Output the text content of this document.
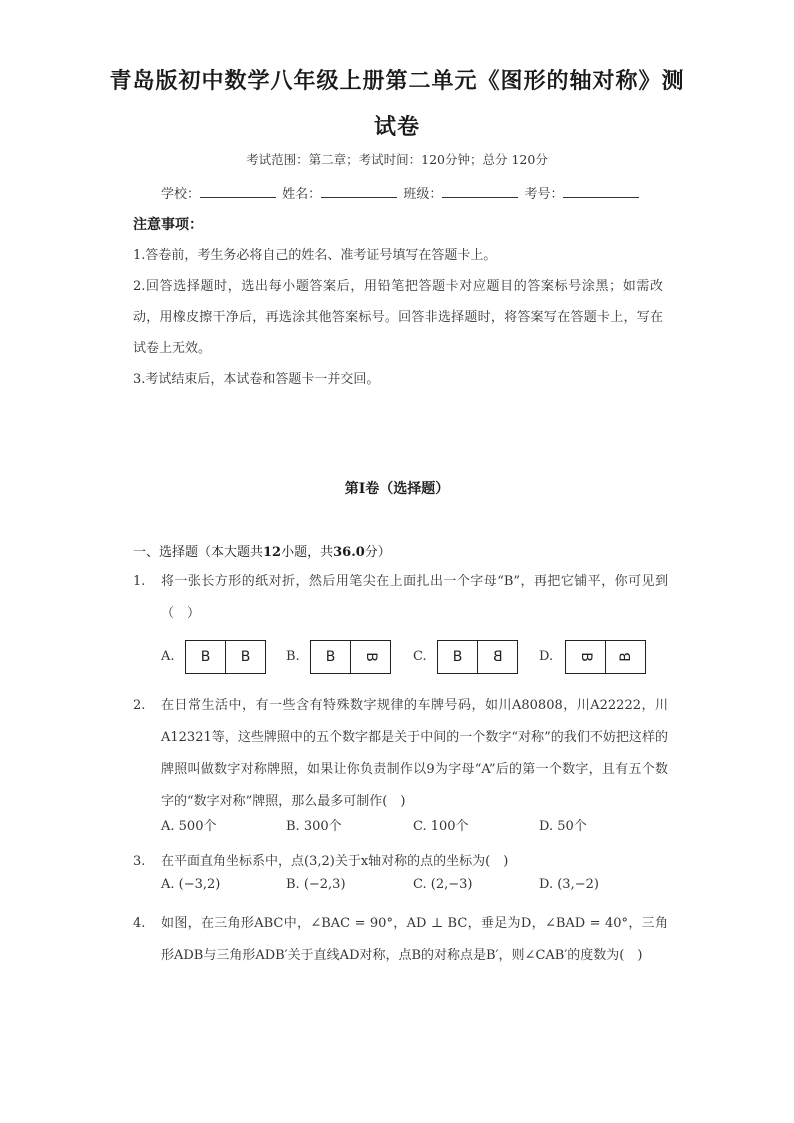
青岛版初中数学八年级上册第二单元《图形的轴对称》测
试卷
考试范围：第二章；考试时间：120分钟；总分 120分
学校：	姓名：	班级：	考号：
注意事项：
1.答卷前，考生务必将自己的姓名、准考证号填写在答题卡上。
2.回答选择题时，选出每小题答案后，用铅笔把答题卡对应题目的答案标号涂黑；如需改动，用橡皮擦干净后，再选涂其他答案标号。回答非选择题时，将答案写在答题卡上，写在试卷上无效。
3.考试结束后，本试卷和答题卡一并交回。
第Ⅰ卷（选择题）
一、选择题（本大题共12小题，共36.0分）
1.	将一张长方形的纸对折，然后用笔尖在上面扎出一个字母“B”，再把它铺平，你可见到（　）
A.	B	B	B.	B	B	C.	B	B	D.	B	B
2.	在日常生活中，有一些含有特殊数字规律的车牌号码，如川A80808，川A22222，川A12321等，这些牌照中的五个数字都是关于中间的一个数字“对称”的我们不妨把这样的牌照叫做数字对称牌照，如果让你负责制作以9为字母“A”后的第一个数字，且有五个数字的“数字对称”牌照，那么最多可制作(　)
A. 500个	B. 300个	C. 100个	D. 50个
3.	在平面直角坐标系中，点(3,2)关于x轴对称的点的坐标为(　)
A. (−3,2)	B. (−2,3)	C. (2,−3)	D. (3,−2)
4.	如图，在三角形ABC中，∠BAC = 90°，AD ⊥ BC，垂足为D，∠BAD = 40°，三角形ADB与三角形ADB′关于直线AD对称，点B的对称点是B′，则∠CAB′的度数为(　)
